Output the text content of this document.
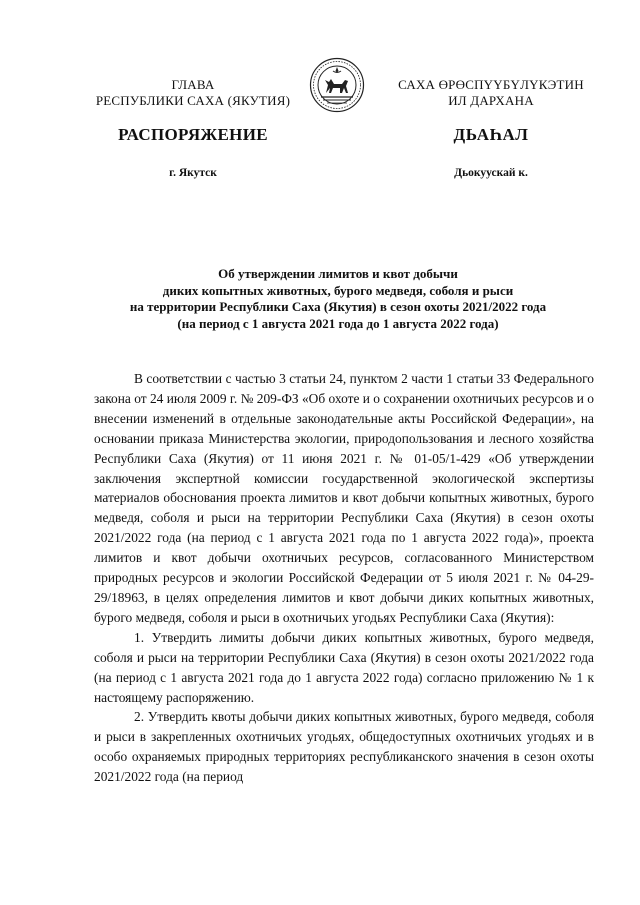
ГЛАВА
РЕСПУБЛИКИ САХА (ЯКУТИЯ)
САХА ӨРӨСПҮҮБҮЛҮКЭТИН
ИЛ ДАРХАНА
РАСПОРЯЖЕНИЕ	ДЬАҺАЛ
г. Якутск	Дьокуускай к.
Об утверждении лимитов и квот добычи
диких копытных животных, бурого медведя, соболя и рыси
на территории Республики Саха (Якутия) в сезон охоты 2021/2022 года
(на период с 1 августа 2021 года до 1 августа 2022 года)

В соответствии с частью 3 статьи 24, пунктом 2 части 1 статьи 33 Федерального закона от 24 июля 2009 г. № 209-ФЗ «Об охоте и о сохранении охотничьих ресурсов и о внесении изменений в отдельные законодательные акты Российской Федерации», на основании приказа Министерства экологии, природопользования и лесного хозяйства Республики Саха (Якутия) от 11 июня 2021 г. № 01-05/1-429 «Об утверждении заключения экспертной комиссии государственной экологической экспертизы материалов обоснования проекта лимитов и квот добычи копытных животных, бурого медведя, соболя и рыси на территории Республики Саха (Якутия) в сезон охоты 2021/2022 года (на период с 1 августа 2021 года по 1 августа 2022 года)», проекта лимитов и квот добычи охотничьих ресурсов, согласованного Министерством природных ресурсов и экологии Российской Федерации от 5 июля 2021 г. № 04-29-29/18963, в целях определения лимитов и квот добычи диких копытных животных, бурого медведя, соболя и рыси в охотничьих угодьях Республики Саха (Якутия):

1. Утвердить лимиты добычи диких копытных животных, бурого медведя, соболя и рыси на территории Республики Саха (Якутия) в сезон охоты 2021/2022 года (на период с 1 августа 2021 года до 1 августа 2022 года) согласно приложению № 1 к настоящему распоряжению.

2. Утвердить квоты добычи диких копытных животных, бурого медведя, соболя и рыси в закрепленных охотничьих угодьях, общедоступных охотничьих угодьях и в особо охраняемых природных территориях республиканского значения в сезон охоты 2021/2022 года (на период
